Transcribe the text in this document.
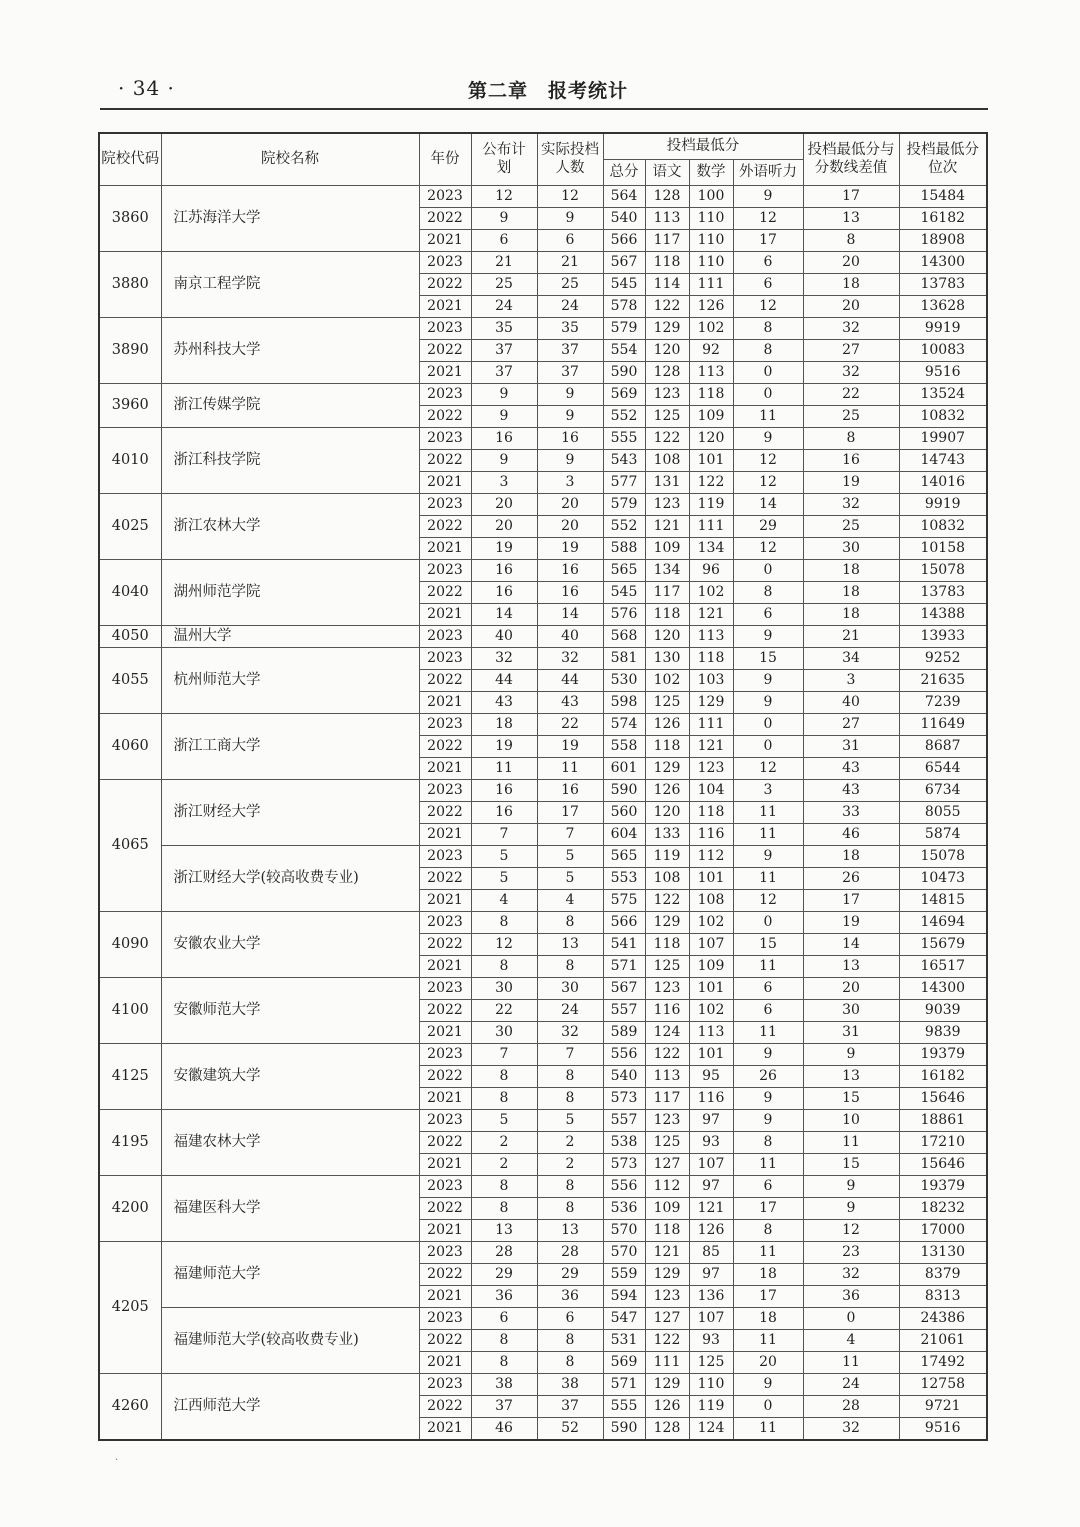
· 34 ·	第二章　报考统计
院校代码	院校名称	年份	公布计划	实际投档人数	投档最低分				投档最低分与分数线差值	投档最低分位次
					总分	语文	数学	外语听力		
3860	江苏海洋大学	2023	12	12	564	128	100	9	17	15484
		2022	9	9	540	113	110	12	13	16182
		2021	6	6	566	117	110	17	8	18908
3880	南京工程学院	2023	21	21	567	118	110	6	20	14300
		2022	25	25	545	114	111	6	18	13783
		2021	24	24	578	122	126	12	20	13628
3890	苏州科技大学	2023	35	35	579	129	102	8	32	9919
		2022	37	37	554	120	92	8	27	10083
		2021	37	37	590	128	113	0	32	9516
3960	浙江传媒学院	2023	9	9	569	123	118	0	22	13524
		2022	9	9	552	125	109	11	25	10832
4010	浙江科技学院	2023	16	16	555	122	120	9	8	19907
		2022	9	9	543	108	101	12	16	14743
		2021	3	3	577	131	122	12	19	14016
4025	浙江农林大学	2023	20	20	579	123	119	14	32	9919
		2022	20	20	552	121	111	29	25	10832
		2021	19	19	588	109	134	12	30	10158
4040	湖州师范学院	2023	16	16	565	134	96	0	18	15078
		2022	16	16	545	117	102	8	18	13783
		2021	14	14	576	118	121	6	18	14388
4050	温州大学	2023	40	40	568	120	113	9	21	13933
4055	杭州师范大学	2023	32	32	581	130	118	15	34	9252
		2022	44	44	530	102	103	9	3	21635
		2021	43	43	598	125	129	9	40	7239
4060	浙江工商大学	2023	18	22	574	126	111	0	27	11649
		2022	19	19	558	118	121	0	31	8687
		2021	11	11	601	129	123	12	43	6544
4065	浙江财经大学	2023	16	16	590	126	104	3	43	6734
		2022	16	17	560	120	118	11	33	8055
		2021	7	7	604	133	116	11	46	5874
	浙江财经大学(较高收费专业)	2023	5	5	565	119	112	9	18	15078
		2022	5	5	553	108	101	11	26	10473
		2021	4	4	575	122	108	12	17	14815
4090	安徽农业大学	2023	8	8	566	129	102	0	19	14694
		2022	12	13	541	118	107	15	14	15679
		2021	8	8	571	125	109	11	13	16517
4100	安徽师范大学	2023	30	30	567	123	101	6	20	14300
		2022	22	24	557	116	102	6	30	9039
		2021	30	32	589	124	113	11	31	9839
4125	安徽建筑大学	2023	7	7	556	122	101	9	9	19379
		2022	8	8	540	113	95	26	13	16182
		2021	8	8	573	117	116	9	15	15646
4195	福建农林大学	2023	5	5	557	123	97	9	10	18861
		2022	2	2	538	125	93	8	11	17210
		2021	2	2	573	127	107	11	15	15646
4200	福建医科大学	2023	8	8	556	112	97	6	9	19379
		2022	8	8	536	109	121	17	9	18232
		2021	13	13	570	118	126	8	12	17000
4205	福建师范大学	2023	28	28	570	121	85	11	23	13130
		2022	29	29	559	129	97	18	32	8379
		2021	36	36	594	123	136	17	36	8313
	福建师范大学(较高收费专业)	2023	6	6	547	127	107	18	0	24386
		2022	8	8	531	122	93	11	4	21061
		2021	8	8	569	111	125	20	11	17492
4260	江西师范大学	2023	38	38	571	129	110	9	24	12758
		2022	37	37	555	126	119	0	28	9721
		2021	46	52	590	128	124	11	32	9516
·
